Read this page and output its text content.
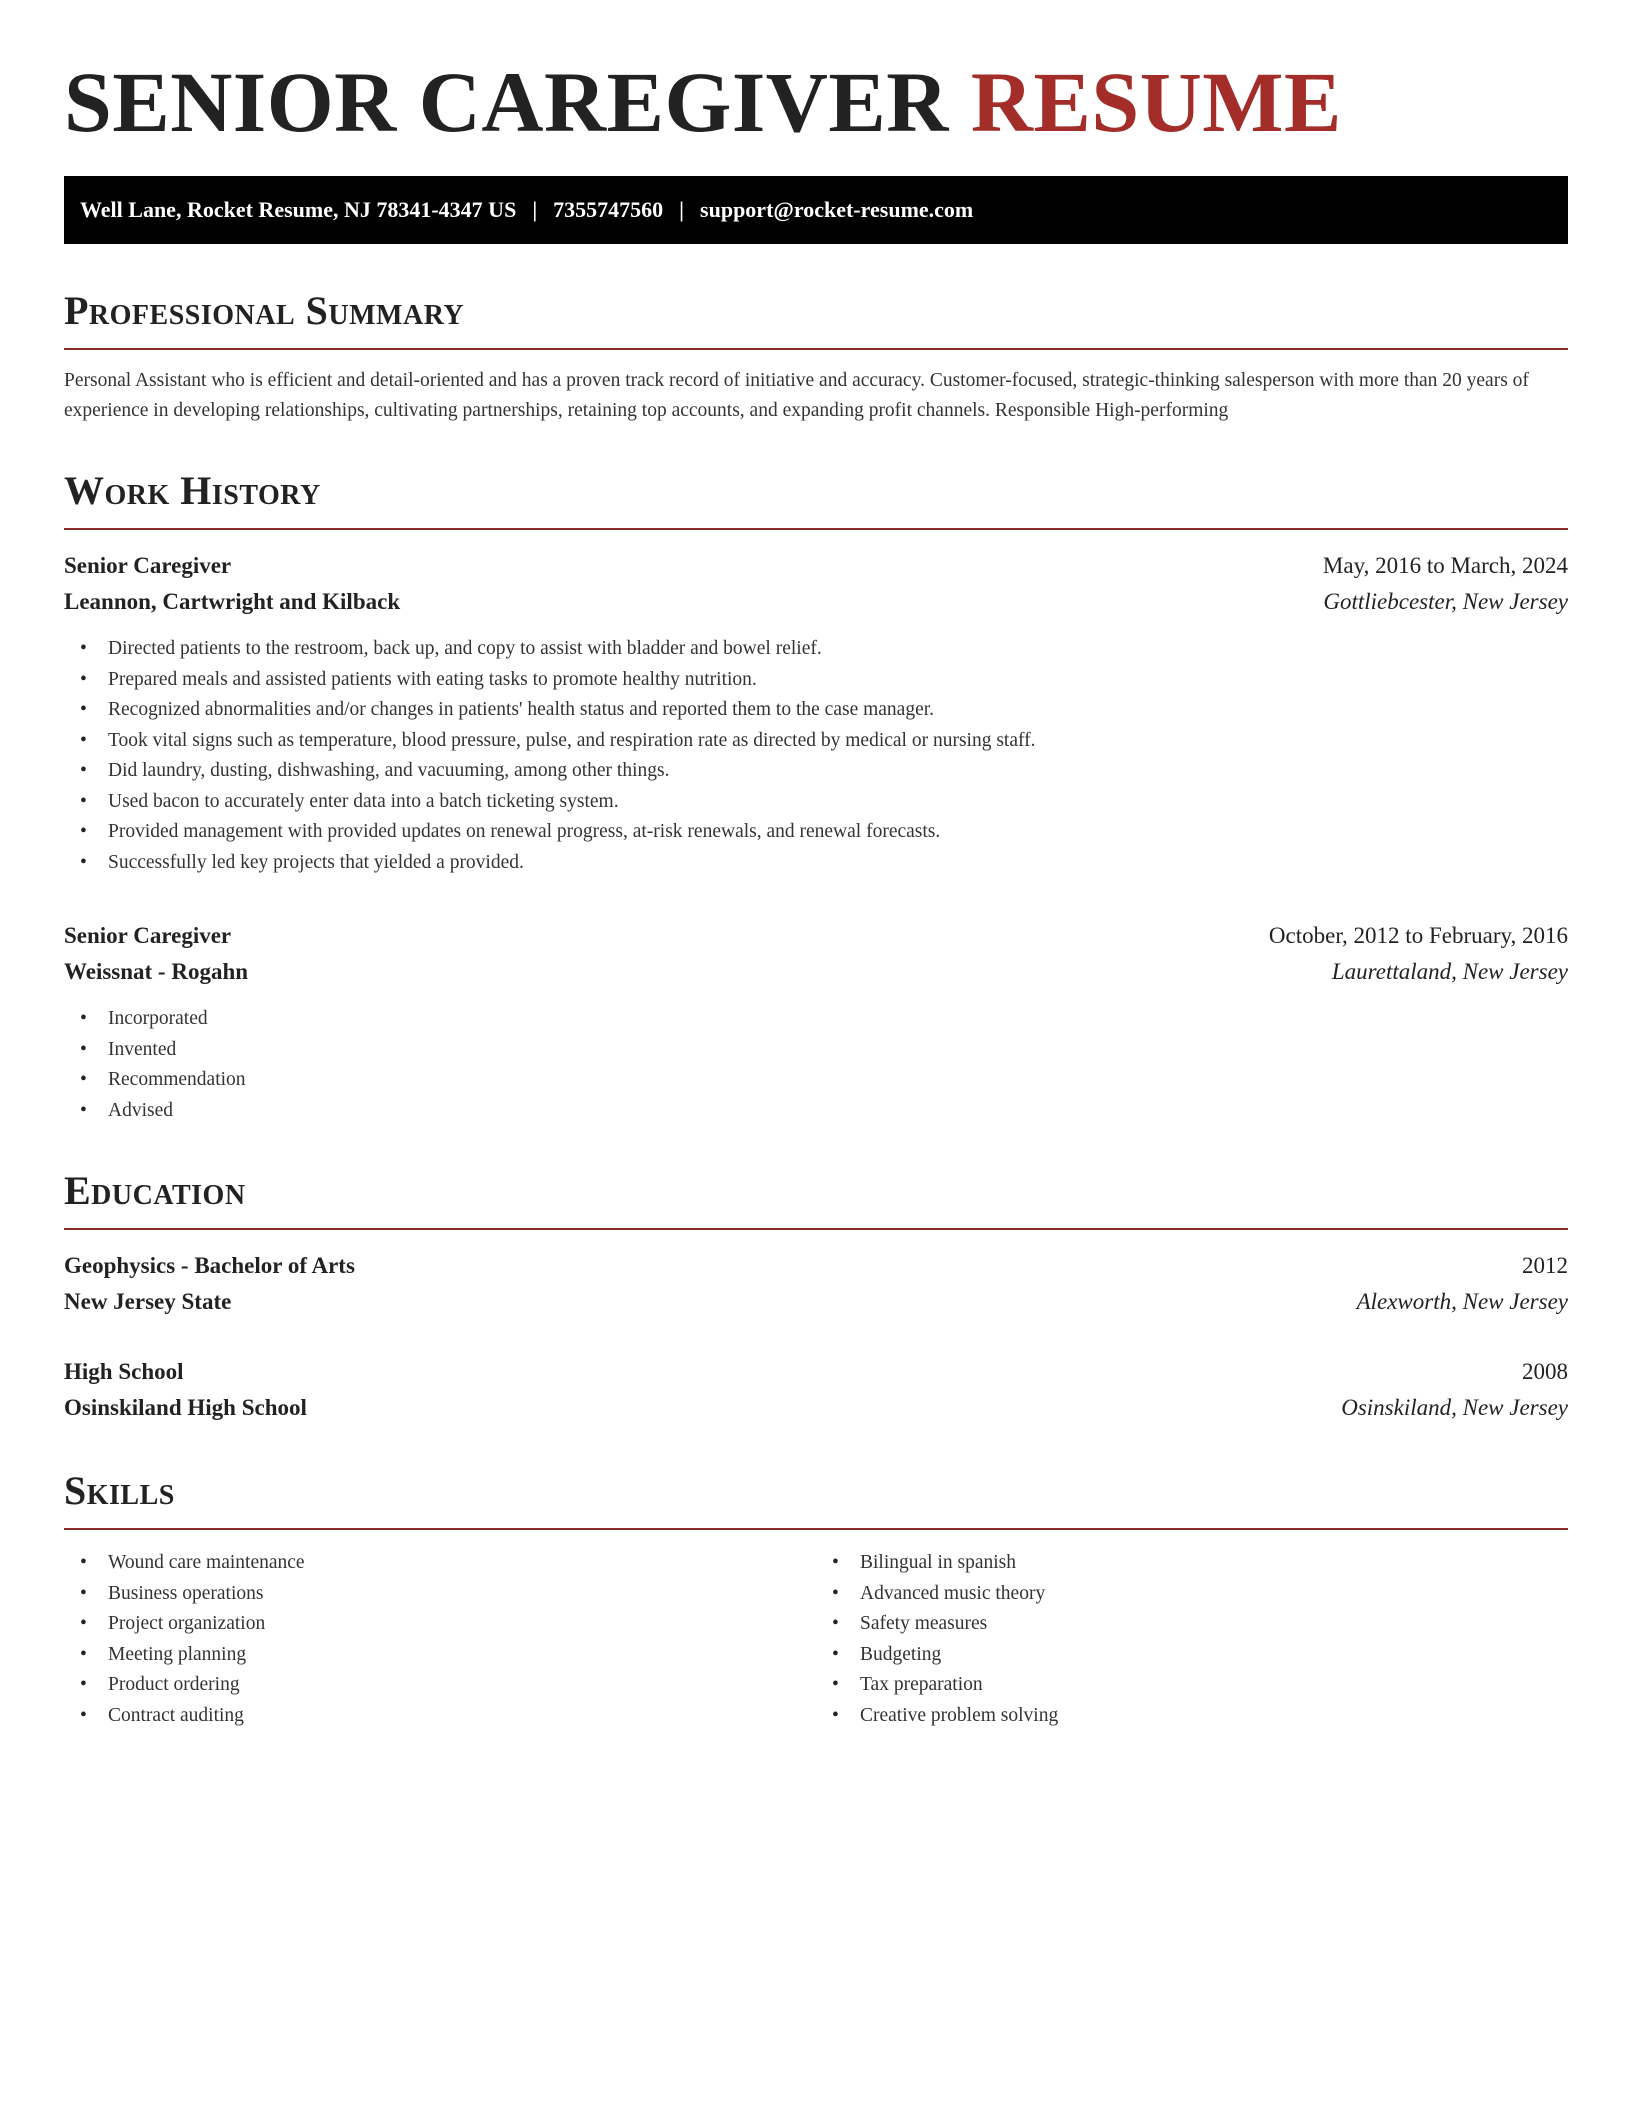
SENIOR CAREGIVER RESUME
Well Lane, Rocket Resume, NJ 78341-4347 US | 7355747560 | support@rocket-resume.com
Professional Summary

Personal Assistant who is efficient and detail-oriented and has a proven track record of initiative and accuracy. Customer-focused, strategic-thinking salesperson with more than 20 years of experience in developing relationships, cultivating partnerships, retaining top accounts, and expanding profit channels. Responsible High-performing

Work History
Senior Caregiver	May, 2016 to March, 2024
Leannon, Cartwright and Kilback	Gottliebcester, New Jersey
• Directed patients to the restroom, back up, and copy to assist with bladder and bowel relief.
• Prepared meals and assisted patients with eating tasks to promote healthy nutrition.
• Recognized abnormalities and/or changes in patients' health status and reported them to the case manager.
• Took vital signs such as temperature, blood pressure, pulse, and respiration rate as directed by medical or nursing staff.
• Did laundry, dusting, dishwashing, and vacuuming, among other things.
• Used bacon to accurately enter data into a batch ticketing system.
• Provided management with provided updates on renewal progress, at-risk renewals, and renewal forecasts.
• Successfully led key projects that yielded a provided.
Senior Caregiver	October, 2012 to February, 2016
Weissnat - Rogahn	Laurettaland, New Jersey
• Incorporated
• Invented
• Recommendation
• Advised
Education
Geophysics - Bachelor of Arts	2012
New Jersey State	Alexworth, New Jersey
High School	2008
Osinskiland High School	Osinskiland, New Jersey
Skills
• Wound care maintenance
• Business operations
• Project organization
• Meeting planning
• Product ordering
• Contract auditing
• Bilingual in spanish
• Advanced music theory
• Safety measures
• Budgeting
• Tax preparation
• Creative problem solving
